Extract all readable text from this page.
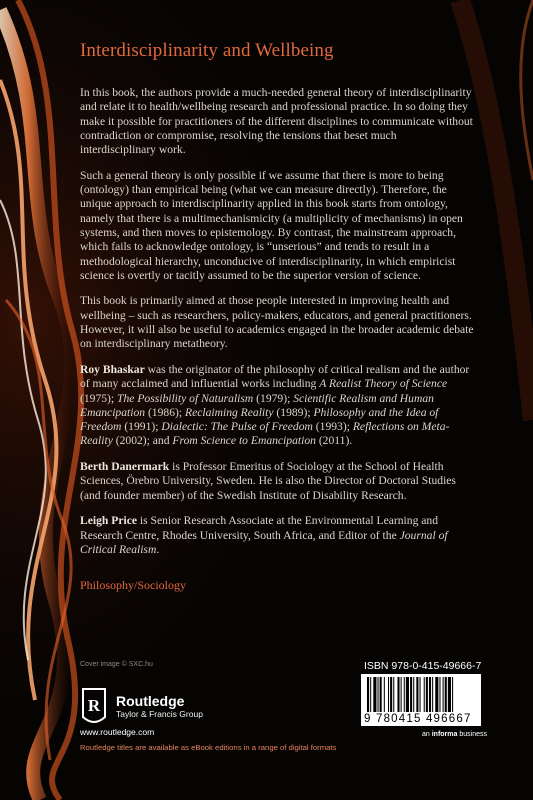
Interdisciplinarity and Wellbeing

In this book, the authors provide a much-needed general theory of interdisciplinarity and relate it to health/wellbeing research and professional practice. In so doing they make it possible for practitioners of the different disciplines to communicate without contradiction or compromise, resolving the tensions that beset much interdisciplinary work.

Such a general theory is only possible if we assume that there is more to being (ontology) than empirical being (what we can measure directly). Therefore, the unique approach to interdisciplinarity applied in this book starts from ontology, namely that there is a multimechanismicity (a multiplicity of mechanisms) in open systems, and then moves to epistemology. By contrast, the mainstream approach, which fails to acknowledge ontology, is “unserious” and tends to result in a methodological hierarchy, unconducive of interdisciplinarity, in which empiricist science is overtly or tacitly assumed to be the superior version of science.

This book is primarily aimed at those people interested in improving health and wellbeing – such as researchers, policy-makers, educators, and general practitioners. However, it will also be useful to academics engaged in the broader academic debate on interdisciplinary metatheory.

Roy Bhaskar was the originator of the philosophy of critical realism and the author of many acclaimed and influential works including A Realist Theory of Science (1975); The Possibility of Naturalism (1979); Scientific Realism and Human Emancipation (1986); Reclaiming Reality (1989); Philosophy and the Idea of Freedom (1991); Dialectic: The Pulse of Freedom (1993); Reflections on Meta-Reality (2002); and From Science to Emancipation (2011).

Berth Danermark is Professor Emeritus of Sociology at the School of Health Sciences, Örebro University, Sweden. He is also the Director of Doctoral Studies (and founder member) of the Swedish Institute of Disability Research.

Leigh Price is Senior Research Associate at the Environmental Learning and Research Centre, Rhodes University, South Africa, and Editor of the Journal of Critical Realism.

Philosophy/Sociology
Cover image © SXC.hu
R Routledge
Taylor & Francis Group
www.routledge.com
ISBN 978-0-415-49666-7
9 780415 496667
an informa business
Routledge titles are available as eBook editions in a range of digital formats
